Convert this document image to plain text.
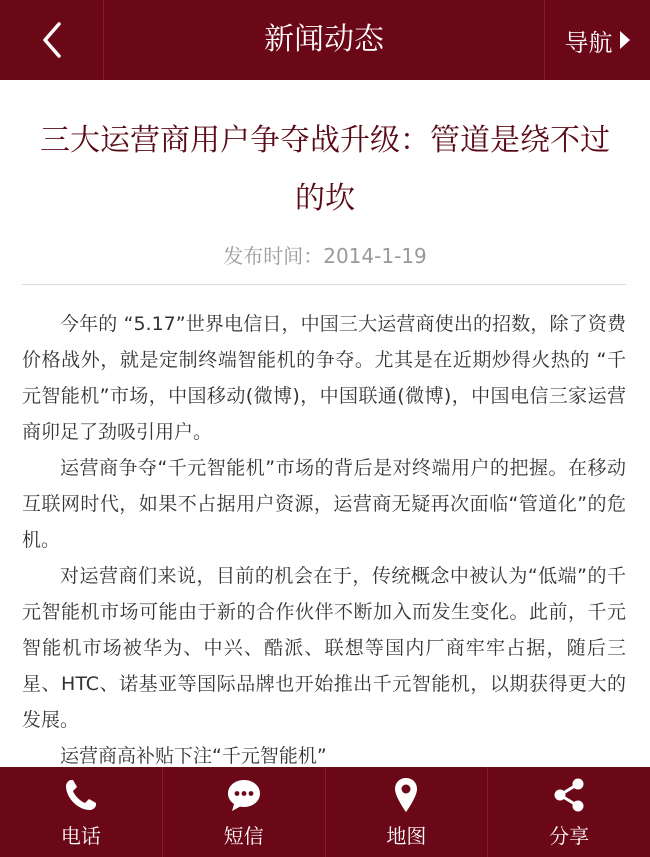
新闻动态	导航
三大运营商用户争夺战升级：管道是绕不过的坎
发布时间：2014-1-19

今年的 “5.17”世界电信日，中国三大运营商使出的招数，除了资费价格战外，就是定制终端智能机的争夺。尤其是在近期炒得火热的 “千元智能机”市场，中国移动(微博)，中国联通(微博)，中国电信三家运营商卯足了劲吸引用户。

运营商争夺“千元智能机”市场的背后是对终端用户的把握。在移动互联网时代，如果不占据用户资源，运营商无疑再次面临“管道化”的危机。

对运营商们来说，目前的机会在于，传统概念中被认为“低端”的千元智能机市场可能由于新的合作伙伴不断加入而发生变化。此前，千元智能机市场被华为、中兴、酷派、联想等国内厂商牢牢占据，随后三星、HTC、诺基亚等国际品牌也开始推出千元智能机，以期获得更大的发展。

运营商高补贴下注“千元智能机”

电话	短信	地图	分享
